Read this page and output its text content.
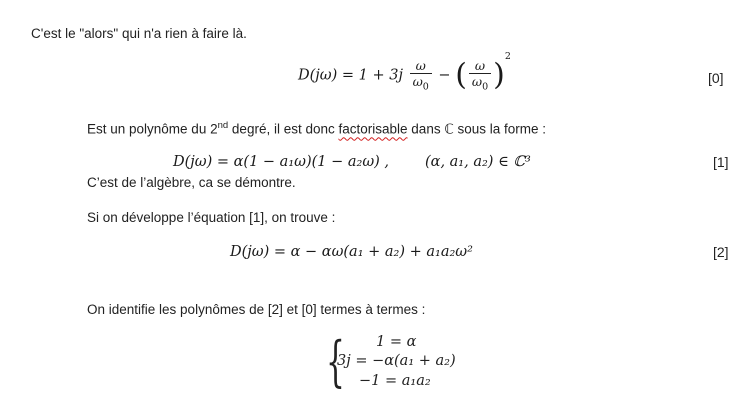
C'est le "alors" qui n'a rien à faire là.
$D(j\omega) = 1 + 3j \frac{\omega}{\omega_0}$ − ( $\frac{\omega}{\omega_0} )^2$
[0]
Est un polynôme du 2nd degré, il est donc factorisable dans ℂ sous la forme :
D(jω) = α(1 − a₁ω)(1 − a₂ω) , (α, a₁, a₂) ∈ ℂ³	[1]
C’est de l’algèbre, ca se démontre.
Si on développe l’équation [1], on trouve :
D(jω) = α − αω(a₁ + a₂) + a₁a₂ω²	[2]
On identifie les polynômes de [2] et [0] termes à termes :
{ 1 = α
3j = −α(a₁ + a₂)
−1 = a₁a₂
